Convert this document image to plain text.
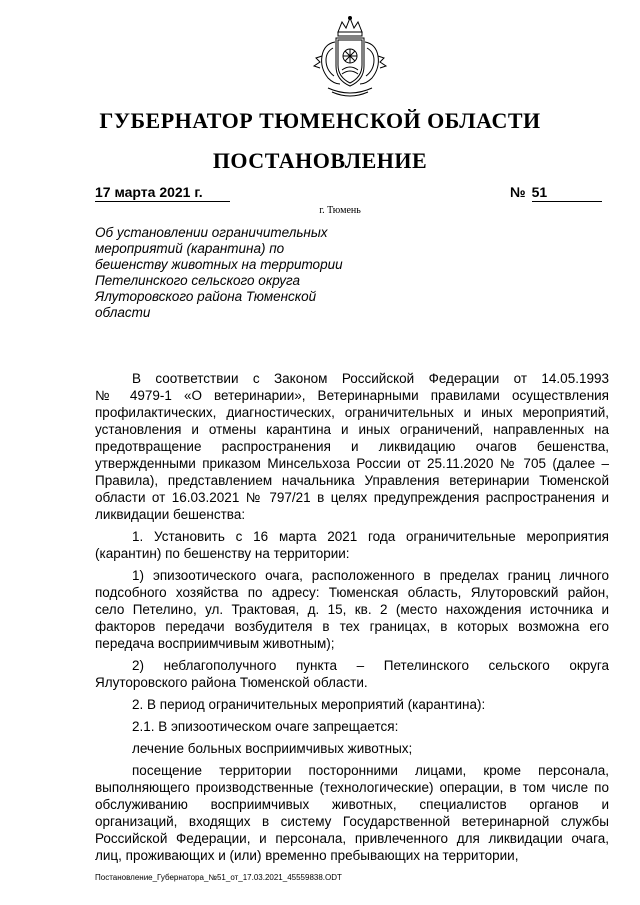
ГУБЕРНАТОР ТЮМЕНСКОЙ ОБЛАСТИ
ПОСТАНОВЛЕНИЕ
17 марта 2021 г.	№ 51
г. Тюмень
Об установлении ограничительных
мероприятий (карантина) по
бешенству животных на территории
Петелинского сельского округа
Ялуторовского района Тюменской
области
В соответствии с Законом Российской Федерации от 14.05.1993
№ 4979-1 «О ветеринарии», Ветеринарными правилами осуществления
профилактических, диагностических, ограничительных и иных мероприятий,
установления и отмены карантина и иных ограничений, направленных на
предотвращение распространения и ликвидацию очагов бешенства,
утвержденными приказом Минсельхоза России от 25.11.2020 № 705 (далее –
Правила), представлением начальника Управления ветеринарии Тюменской
области от 16.03.2021 № 797/21 в целях предупреждения распространения и
ликвидации бешенства:
1. Установить с 16 марта 2021 года ограничительные мероприятия
(карантин) по бешенству на территории:
1) эпизоотического очага, расположенного в пределах границ личного
подсобного хозяйства по адресу: Тюменская область, Ялуторовский район,
село Петелино, ул. Трактовая, д. 15, кв. 2 (место нахождения источника и
факторов передачи возбудителя в тех границах, в которых возможна его
передача восприимчивым животным);
2) неблагополучного пункта – Петелинского сельского округа
Ялуторовского района Тюменской области.
2. В период ограничительных мероприятий (карантина):
2.1. В эпизоотическом очаге запрещается:
лечение больных восприимчивых животных;
посещение территории посторонними лицами, кроме персонала,
выполняющего производственные (технологические) операции, в том числе по
обслуживанию восприимчивых животных, специалистов органов и
организаций, входящих в систему Государственной ветеринарной службы
Российской Федерации, и персонала, привлеченного для ликвидации очага,
лиц, проживающих и (или) временно пребывающих на территории,
Постановление_Губернатора_№51_от_17.03.2021_45559838.ODT
